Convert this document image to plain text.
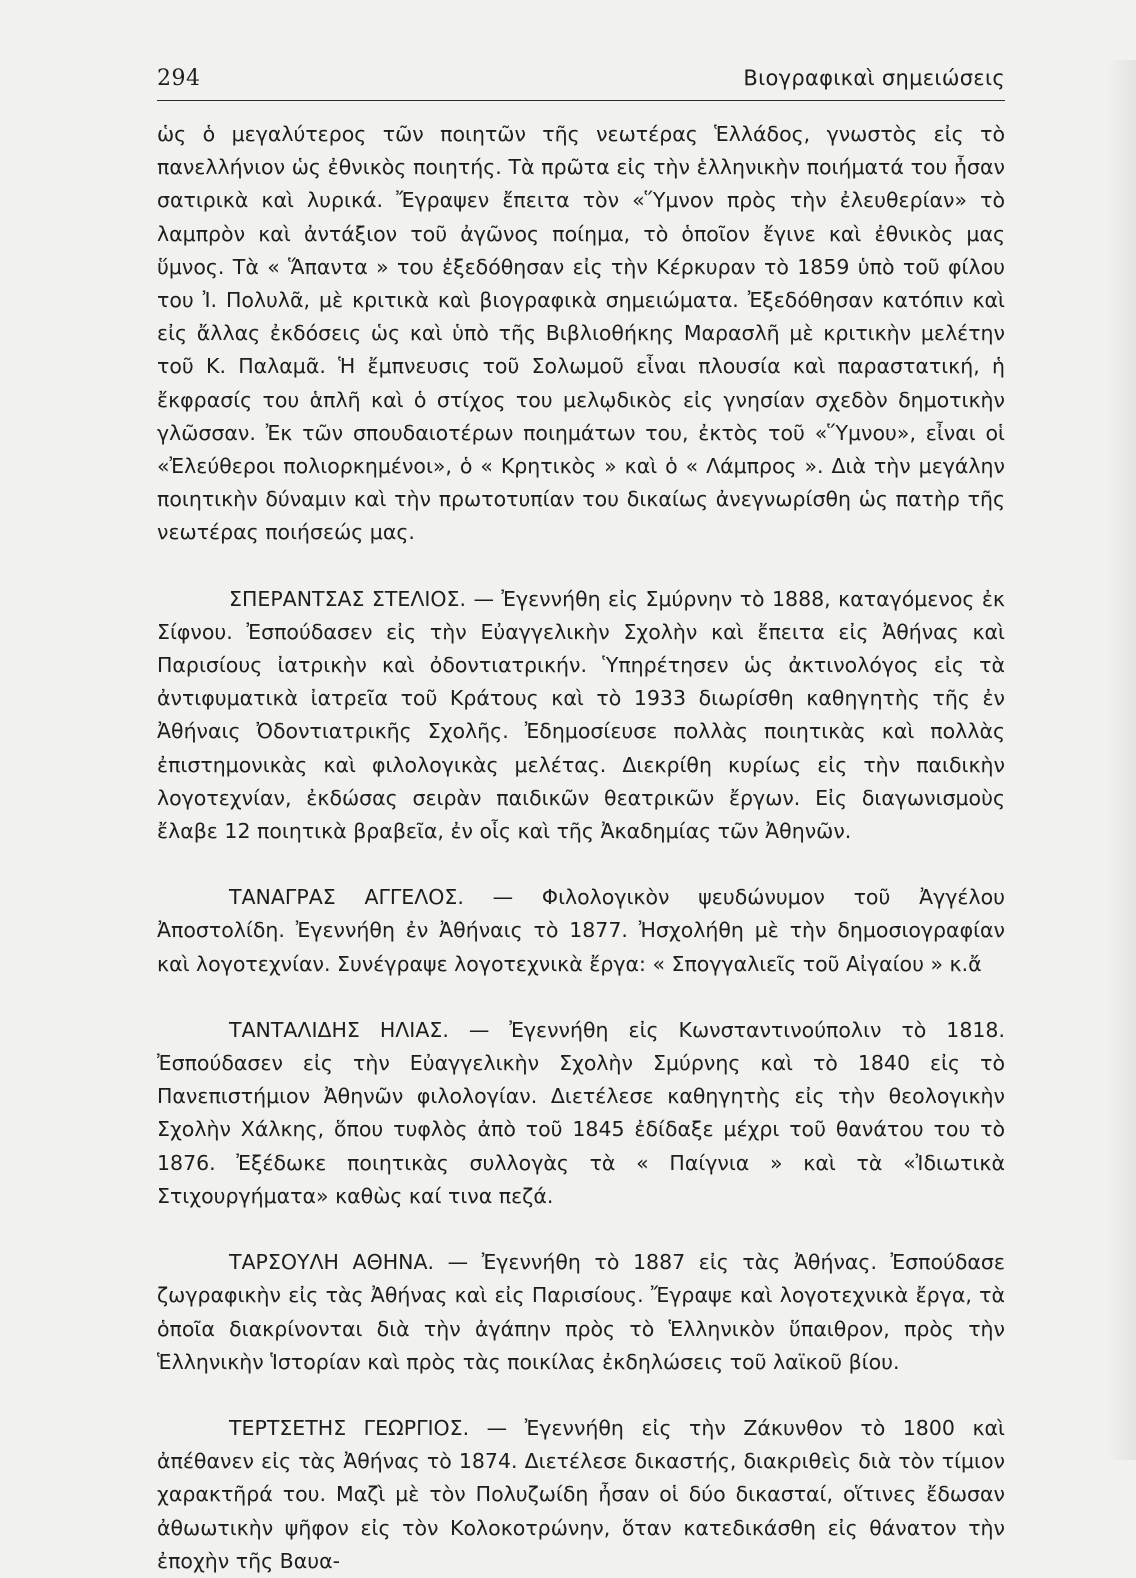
294	Βιογραφικαὶ σημειώσεις

ὡς ὁ μεγαλύτερος τῶν ποιητῶν τῆς νεωτέρας Ἑλλάδος, γνωστὸς εἰς τὸ πανελλήνιον ὡς ἐθνικὸς ποιητής. Τὰ πρῶτα εἰς τὴν ἑλληνικὴν ποιήματά του ἦσαν σατιρικὰ καὶ λυρικά. Ἔγραψεν ἔπειτα τὸν «Ὕμνον πρὸς τὴν ἐλευθερίαν» τὸ λαμπρὸν καὶ ἀντάξιον τοῦ ἀγῶνος ποίημα, τὸ ὁποῖον ἔγινε καὶ ἐθνικὸς μας ὕμνος. Τὰ « Ἅπαντα » του ἐξεδόθησαν εἰς τὴν Κέρκυραν τὸ 1859 ὑπὸ τοῦ φίλου του Ἰ. Πολυλᾶ, μὲ κριτικὰ καὶ βιογραφικὰ σημειώματα. Ἐξεδόθησαν κατόπιν καὶ εἰς ἄλλας ἐκδόσεις ὡς καὶ ὑπὸ τῆς Βιβλιοθήκης Μαρασλῆ μὲ κριτικὴν μελέτην τοῦ Κ. Παλαμᾶ. Ἡ ἔμπνευσις τοῦ Σολωμοῦ εἶναι πλουσία καὶ παραστατική, ἡ ἔκφρασίς του ἁπλῆ καὶ ὁ στίχος του μελῳδικὸς εἰς γνησίαν σχεδὸν δημοτικὴν γλῶσσαν. Ἐκ τῶν σπουδαιοτέρων ποιημάτων του, ἐκτὸς τοῦ «Ὕμνου», εἶναι οἱ «Ἐλεύθεροι πολιορκημένοι», ὁ « Κρητικὸς » καὶ ὁ « Λάμπρος ». Διὰ τὴν μεγάλην ποιητικὴν δύναμιν καὶ τὴν πρωτοτυπίαν του δικαίως ἀνεγνωρίσθη ὡς πατὴρ τῆς νεωτέρας ποιήσεώς μας.

ΣΠΕΡΑΝΤΣΑΣ ΣΤΕΛΙΟΣ. — Ἐγεννήθη εἰς Σμύρνην τὸ 1888, καταγόμενος ἐκ Σίφνου. Ἐσπούδασεν εἰς τὴν Εὐαγγελικὴν Σχολὴν καὶ ἔπειτα εἰς Ἀθήνας καὶ Παρισίους ἰατρικὴν καὶ ὀδοντιατρικήν. Ὑπηρέτησεν ὡς ἀκτινολόγος εἰς τὰ ἀντιφυματικὰ ἰατρεῖα τοῦ Κράτους καὶ τὸ 1933 διωρίσθη καθηγητὴς τῆς ἐν Ἀθήναις Ὀδοντιατρικῆς Σχολῆς. Ἐδημοσίευσε πολλὰς ποιητικὰς καὶ πολλὰς ἐπιστημονικὰς καὶ φιλολογικὰς μελέτας. Διεκρίθη κυρίως εἰς τὴν παιδικὴν λογοτεχνίαν, ἐκδώσας σειρὰν παιδικῶν θεατρικῶν ἔργων. Εἰς διαγωνισμοὺς ἔλαβε 12 ποιητικὰ βραβεῖα, ἐν οἷς καὶ τῆς Ἀκαδημίας τῶν Ἀθηνῶν.

ΤΑΝΑΓΡΑΣ ΑΓΓΕΛΟΣ. — Φιλολογικὸν ψευδώνυμον τοῦ Ἀγγέλου Ἀποστολίδη. Ἐγεννήθη ἐν Ἀθήναις τὸ 1877. Ἠσχολήθη μὲ τὴν δημοσιογραφίαν καὶ λογοτεχνίαν. Συνέγραψε λογοτεχνικὰ ἔργα: « Σπογγαλιεῖς τοῦ Αἰγαίου » κ.ἄ

ΤΑΝΤΑΛΙΔΗΣ ΗΛΙΑΣ. — Ἐγεννήθη εἰς Κωνσταντινούπολιν τὸ 1818. Ἐσπούδασεν εἰς τὴν Εὐαγγελικὴν Σχολὴν Σμύρνης καὶ τὸ 1840 εἰς τὸ Πανεπιστήμιον Ἀθηνῶν φιλολογίαν. Διετέλεσε καθηγητὴς εἰς τὴν θεολογικὴν Σχολὴν Χάλκης, ὅπου τυφλὸς ἀπὸ τοῦ 1845 ἐδίδαξε μέχρι τοῦ θανάτου του τὸ 1876. Ἐξέδωκε ποιητικὰς συλλογὰς τὰ « Παίγνια » καὶ τὰ «Ἰδιωτικὰ Στιχουργήματα» καθὼς καί τινα πεζά.

ΤΑΡΣΟΥΛΗ ΑΘΗΝΑ. — Ἐγεννήθη τὸ 1887 εἰς τὰς Ἀθήνας. Ἐσπούδασε ζωγραφικὴν εἰς τὰς Ἀθήνας καὶ εἰς Παρισίους. Ἔγραψε καὶ λογοτεχνικὰ ἔργα, τὰ ὁποῖα διακρίνονται διὰ τὴν ἀγάπην πρὸς τὸ Ἑλληνικὸν ὕπαιθρον, πρὸς τὴν Ἑλληνικὴν Ἱστορίαν καὶ πρὸς τὰς ποικίλας ἐκδηλώσεις τοῦ λαϊκοῦ βίου.

ΤΕΡΤΣΕΤΗΣ ΓΕΩΡΓΙΟΣ. — Ἐγεννήθη εἰς τὴν Ζάκυνθον τὸ 1800 καὶ ἀπέθανεν εἰς τὰς Ἀθήνας τὸ 1874. Διετέλεσε δικαστής, διακριθεὶς διὰ τὸν τίμιον χαρακτῆρά του. Μαζὶ μὲ τὸν Πολυζωίδη ἦσαν οἱ δύο δικασταί, οἵτινες ἔδωσαν ἀθωωτικὴν ψῆφον εἰς τὸν Κολοκοτρώνην, ὅταν κατεδικάσθη εἰς θάνατον τὴν ἐποχὴν τῆς Βαυα-
